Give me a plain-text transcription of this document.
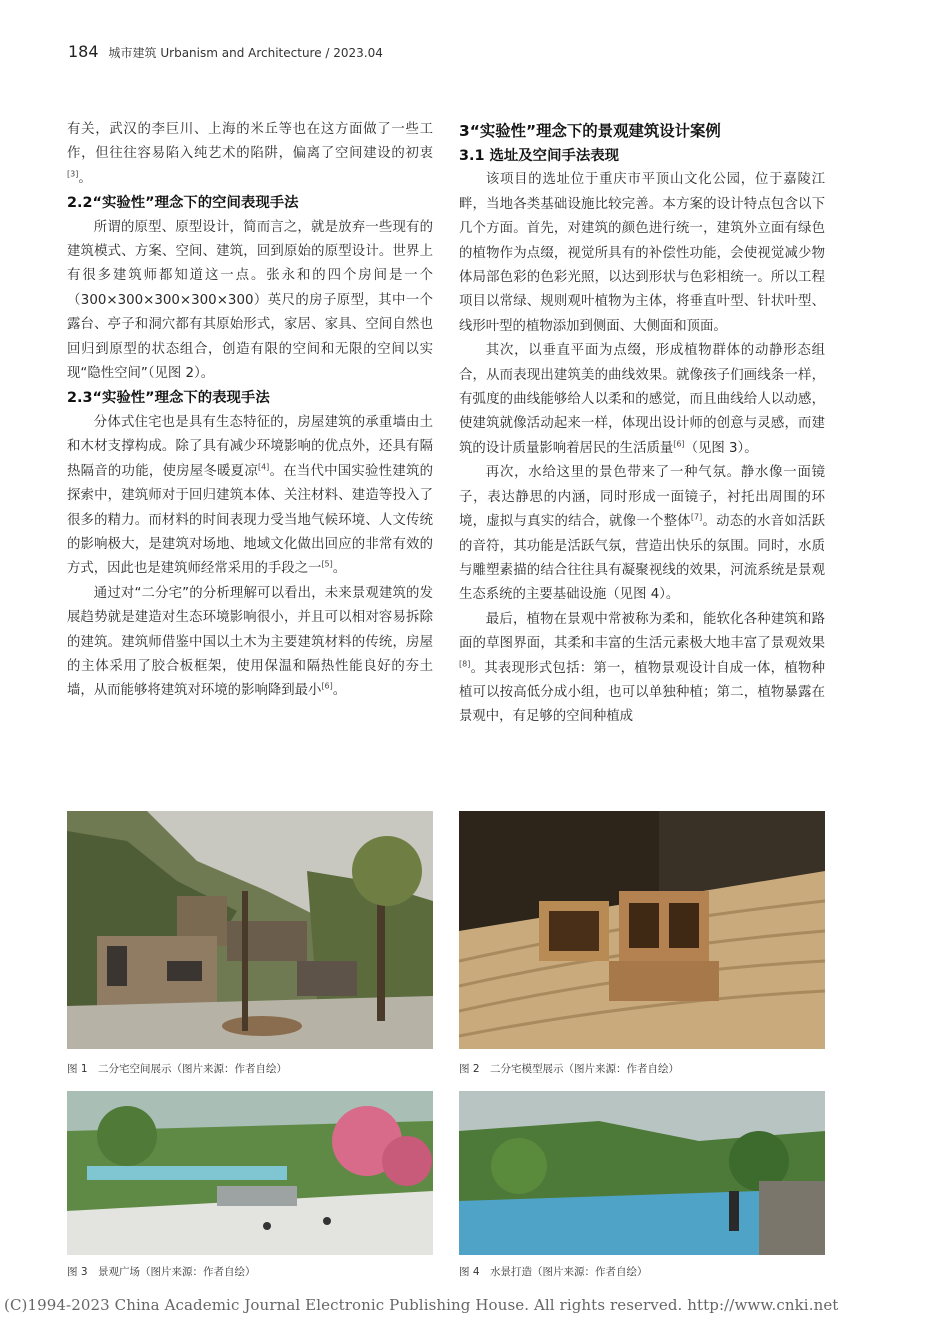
184 城市建筑 Urbanism and Architecture / 2023.04

有关，武汉的李巨川、上海的米丘等也在这方面做了一些工作，但往往容易陷入纯艺术的陷阱，偏离了空间建设的初衷[3]。

2.2“实验性”理念下的空间表现手法

所谓的原型、原型设计，简而言之，就是放弃一些现有的建筑模式、方案、空间、建筑，回到原始的原型设计。世界上有很多建筑师都知道这一点。张永和的四个房间是一个（300×300×300×300×300）英尺的房子原型，其中一个露台、亭子和洞穴都有其原始形式，家居、家具、空间自然也回归到原型的状态组合，创造有限的空间和无限的空间以实现“隐性空间”（见图 2）。

2.3“实验性”理念下的表现手法

分体式住宅也是具有生态特征的，房屋建筑的承重墙由土和木材支撑构成。除了具有减少环境影响的优点外，还具有隔热隔音的功能，使房屋冬暖夏凉[4]。在当代中国实验性建筑的探索中，建筑师对于回归建筑本体、关注材料、建造等投入了很多的精力。而材料的时间表现力受当地气候环境、人文传统的影响极大，是建筑对场地、地域文化做出回应的非常有效的方式，因此也是建筑师经常采用的手段之一[5]。

通过对“二分宅”的分析理解可以看出，未来景观建筑的发展趋势就是建造对生态环境影响很小，并且可以相对容易拆除的建筑。建筑师借鉴中国以土木为主要建筑材料的传统，房屋的主体采用了胶合板框架，使用保温和隔热性能良好的夯土墙，从而能够将建筑对环境的影响降到最小[6]。

3“实验性”理念下的景观建筑设计案例
3.1 选址及空间手法表现

该项目的选址位于重庆市平顶山文化公园，位于嘉陵江畔，当地各类基础设施比较完善。本方案的设计特点包含以下几个方面。首先，对建筑的颜色进行统一，建筑外立面有绿色的植物作为点缀，视觉所具有的补偿性功能，会使视觉减少物体局部色彩的色彩光照，以达到形状与色彩相统一。所以工程项目以常绿、规则观叶植物为主体，将垂直叶型、针状叶型、线形叶型的植物添加到侧面、大侧面和顶面。

其次，以垂直平面为点缀，形成植物群体的动静形态组合，从而表现出建筑美的曲线效果。就像孩子们画线条一样，有弧度的曲线能够给人以柔和的感觉，而且曲线给人以动感，使建筑就像活动起来一样，体现出设计师的创意与灵感，而建筑的设计质量影响着居民的生活质量[6]（见图 3）。

再次，水给这里的景色带来了一种气氛。静水像一面镜子，表达静思的内涵，同时形成一面镜子，衬托出周围的环境，虚拟与真实的结合，就像一个整体[7]。动态的水音如活跃的音符，其功能是活跃气氛，营造出快乐的氛围。同时，水质与雕塑素描的结合往往具有凝聚视线的效果，河流系统是景观生态系统的主要基础设施（见图 4）。

最后，植物在景观中常被称为柔和，能软化各种建筑和路面的草图界面，其柔和丰富的生活元素极大地丰富了景观效果[8]。其表现形式包括：第一，植物景观设计自成一体，植物种植可以按高低分成小组，也可以单独种植；第二，植物暴露在景观中，有足够的空间种植成

图 1　二分宅空间展示（图片来源：作者自绘）	图 2　二分宅模型展示（图片来源：作者自绘）
图 3　景观广场（图片来源：作者自绘）	图 4　水景打造（图片来源：作者自绘）
(C)1994-2023 China Academic Journal Electronic Publishing House. All rights reserved. http://www.cnki.net
